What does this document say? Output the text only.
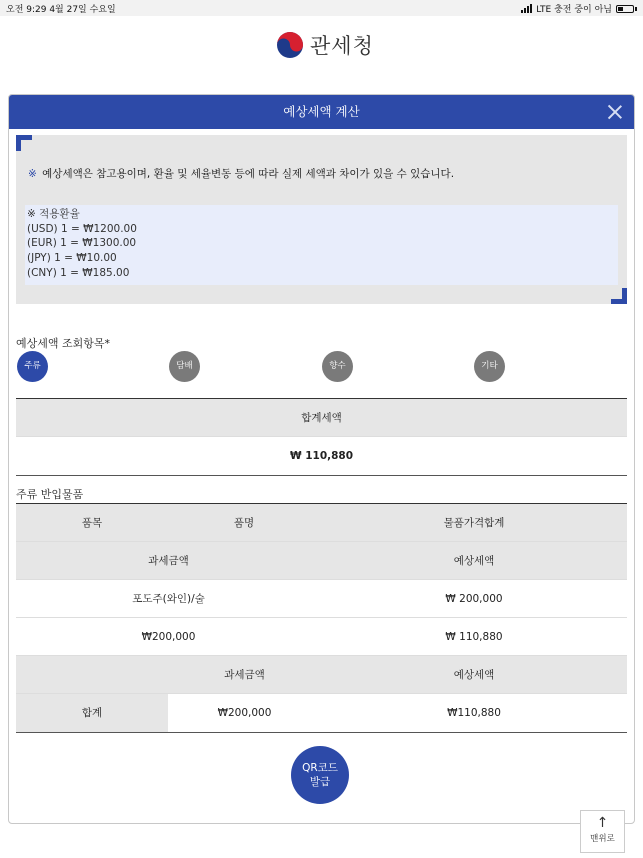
오전 9:29 4월 27일 수요일	LTE 충전 중이 아님
관세청
예상세액 계산
※ 예상세액은 참고용이며, 환율 및 세율변동 등에 따라 실제 세액과 차이가 있을 수 있습니다.
※ 적용환율
(USD) 1 = ₩1200.00
(EUR) 1 = ₩1300.00
(JPY) 1 = ₩10.00
(CNY) 1 = ₩185.00
예상세액 조회항목*
주류	담배	향수	기타
합계세액
₩ 110,880
주류 반입물품
품목	품명	물품가격합계
과세금액	예상세액
포도주(와인)/술	₩ 200,000
₩200,000	₩ 110,880
과세금액	예상세액
합계	₩200,000	₩110,880
QR코드
발급
↑
맨위로
